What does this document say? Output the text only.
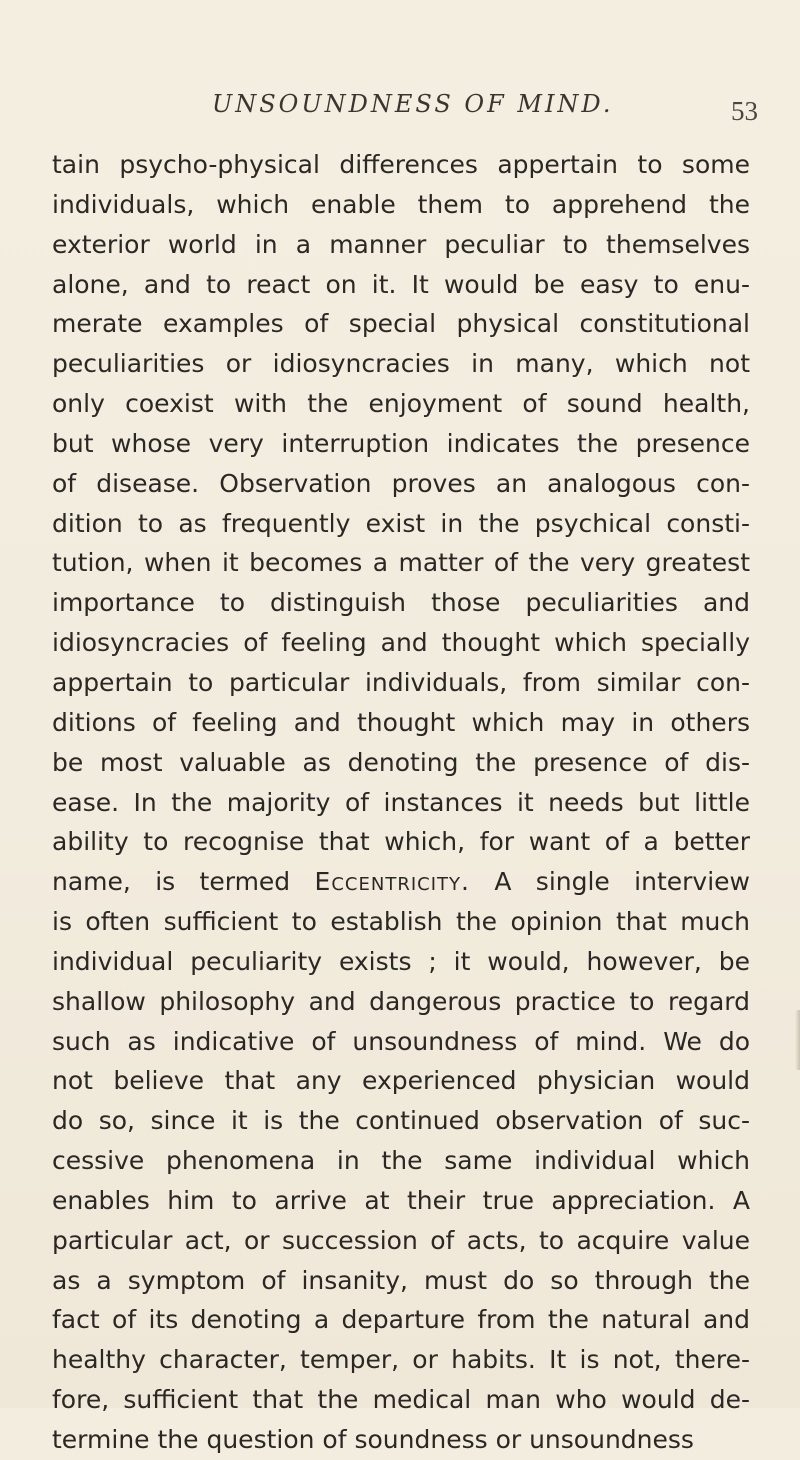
UNSOUNDNESS OF MIND.	53
tain psycho-physical differences appertain to some
individuals, which enable them to apprehend the
exterior world in a manner peculiar to themselves
alone, and to react on it. It would be easy to enu-
merate examples of special physical constitutional
peculiarities or idiosyncracies in many, which not
only coexist with the enjoyment of sound health,
but whose very interruption indicates the presence
of disease. Observation proves an analogous con-
dition to as frequently exist in the psychical consti-
tution, when it becomes a matter of the very greatest
importance to distinguish those peculiarities and
idiosyncracies of feeling and thought which specially
appertain to particular individuals, from similar con-
ditions of feeling and thought which may in others
be most valuable as denoting the presence of dis-
ease. In the majority of instances it needs but little
ability to recognise that which, for want of a better
name, is termed Eccentricity. A single interview
is often sufficient to establish the opinion that much
individual peculiarity exists ; it would, however, be
shallow philosophy and dangerous practice to regard
such as indicative of unsoundness of mind. We do
not believe that any experienced physician would
do so, since it is the continued observation of suc-
cessive phenomena in the same individual which
enables him to arrive at their true appreciation. A
particular act, or succession of acts, to acquire value
as a symptom of insanity, must do so through the
fact of its denoting a departure from the natural and
healthy character, temper, or habits. It is not, there-
fore, sufficient that the medical man who would de-
termine the question of soundness or unsoundness
